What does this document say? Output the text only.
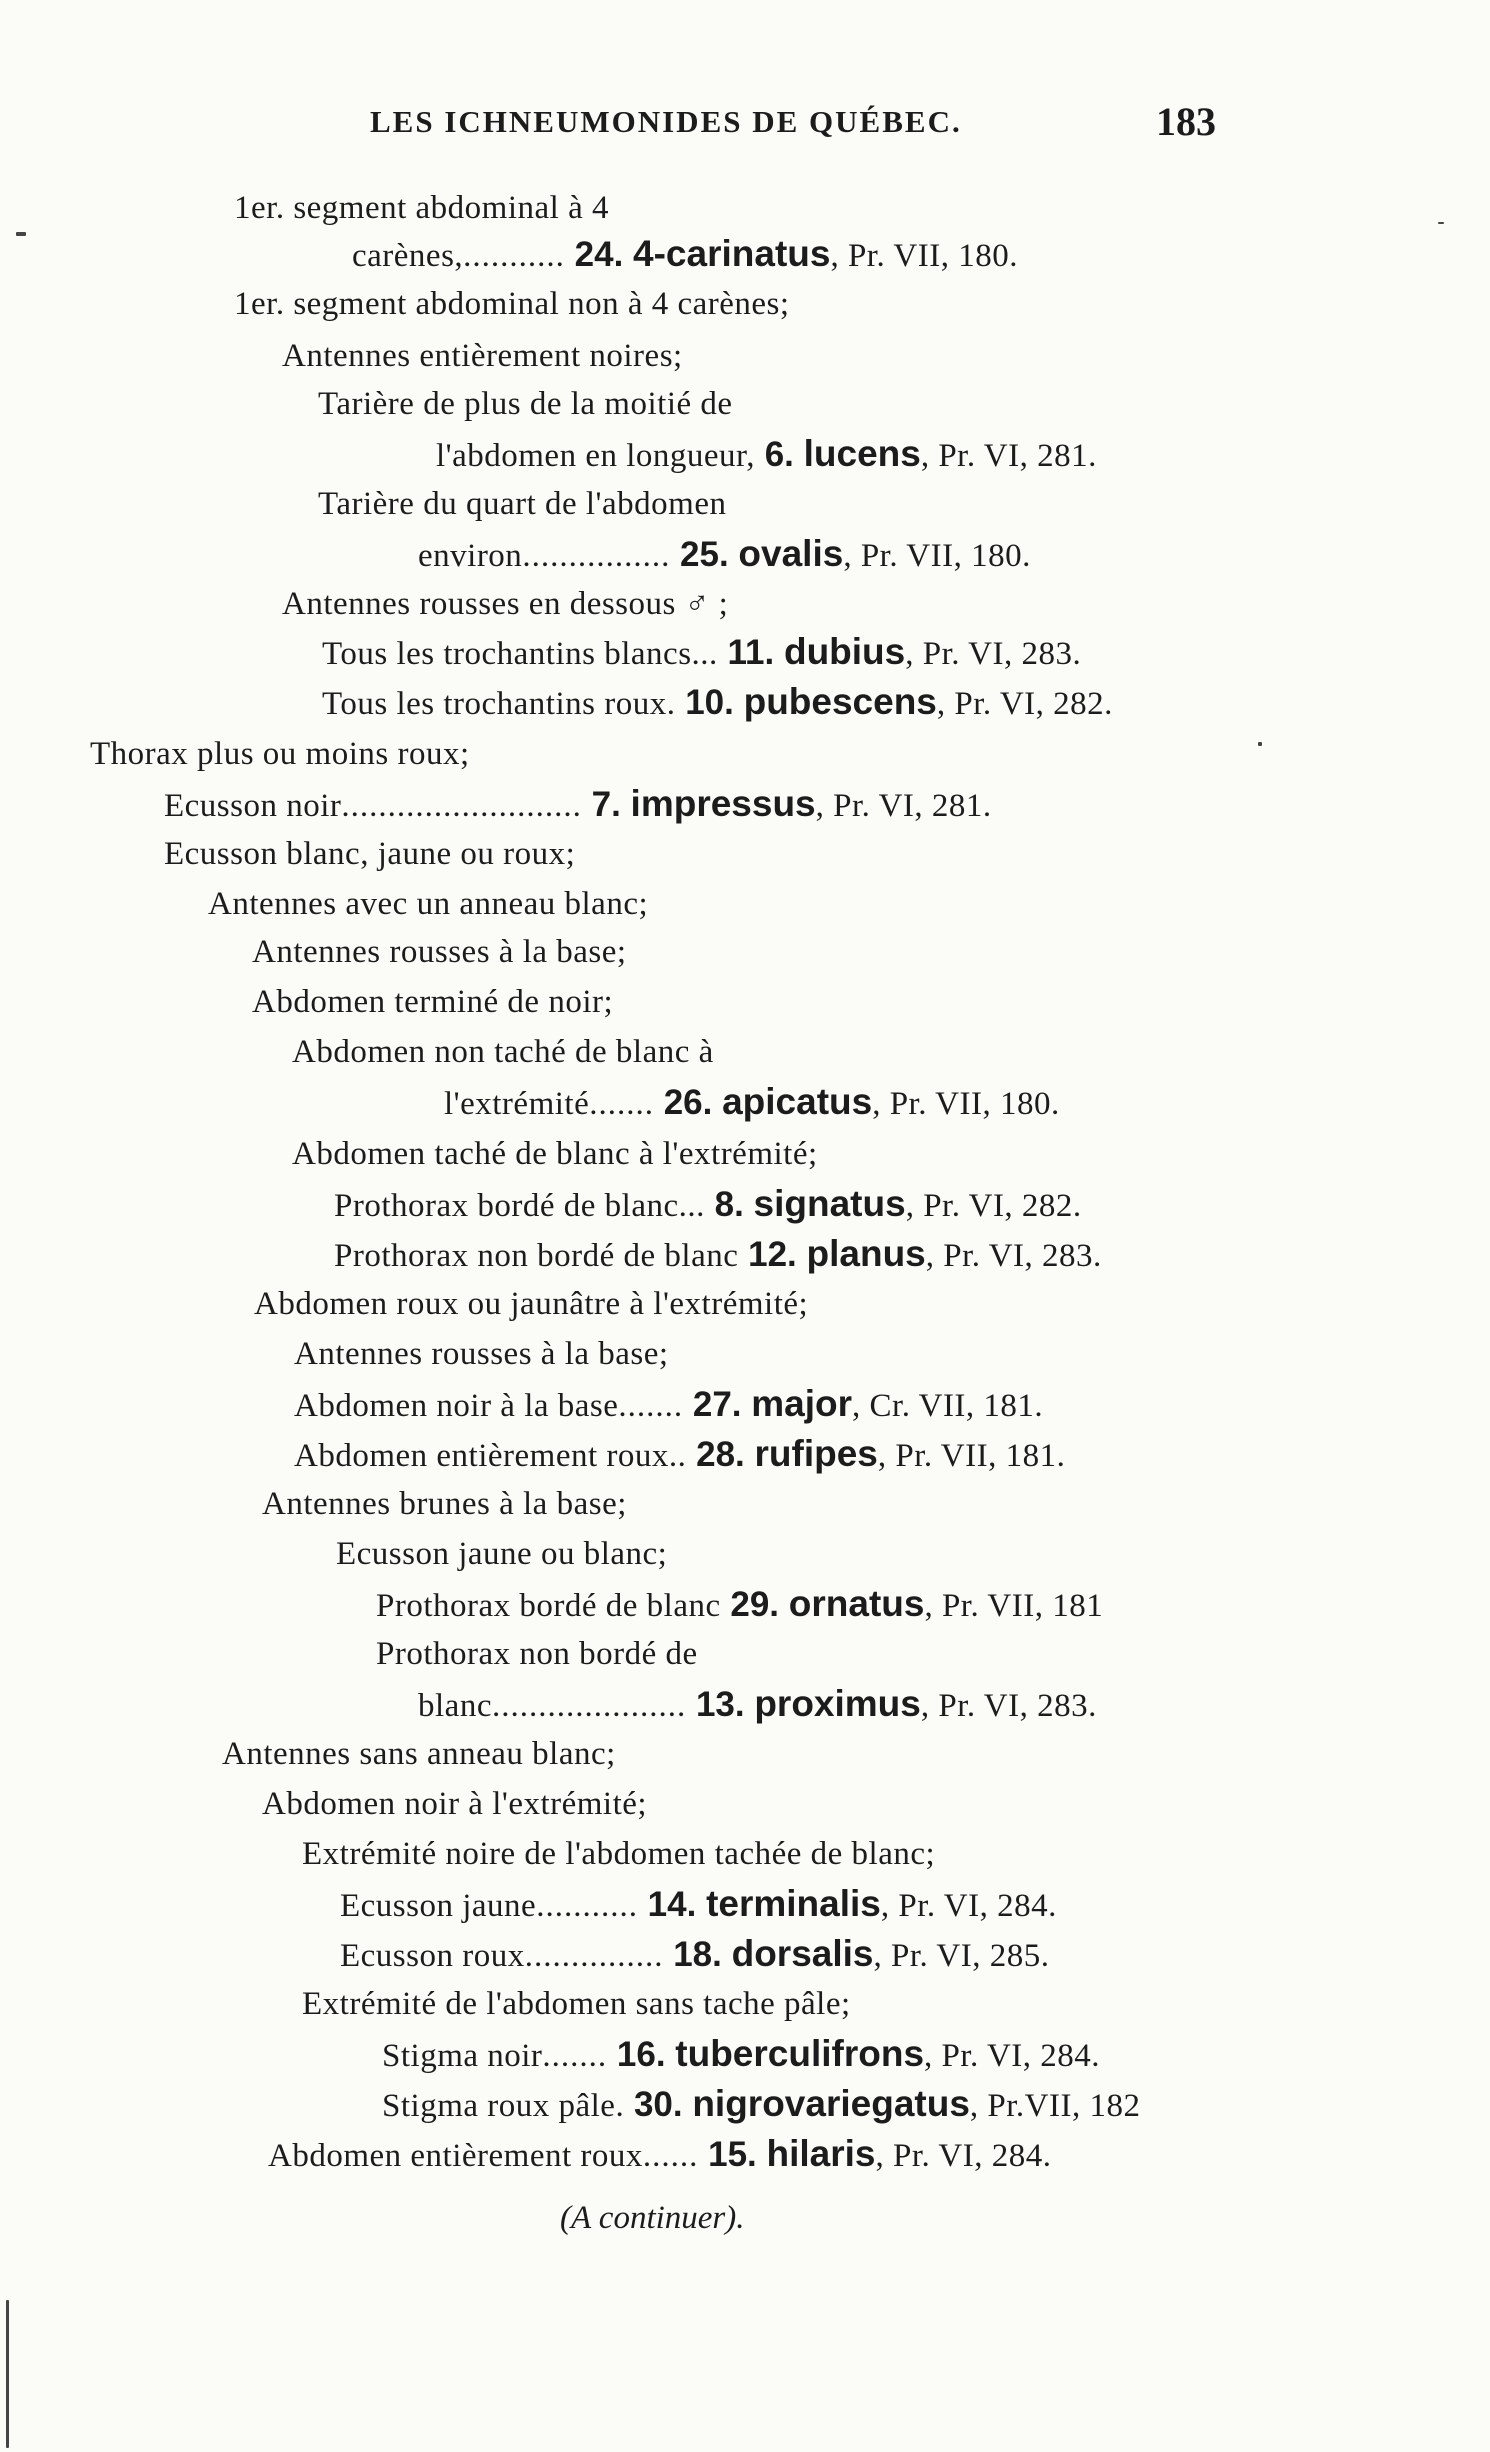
LES ICHNEUMONIDES DE QUÉBEC.	183
1er. segment abdominal à 4
carènes,........... 24. 4-carinatus, Pr. VII, 180.
1er. segment abdominal non à 4 carènes;
Antennes entièrement noires;
Tarière de plus de la moitié de
l'abdomen en longueur, 6. lucens, Pr. VI, 281.
Tarière du quart de l'abdomen
environ................ 25. ovalis, Pr. VII, 180.
Antennes rousses en dessous ♂ ;
Tous les trochantins blancs... 11. dubius, Pr. VI, 283.
Tous les trochantins roux. 10. pubescens, Pr. VI, 282.
Thorax plus ou moins roux;
Ecusson noir.......................... 7. impressus, Pr. VI, 281.
Ecusson blanc, jaune ou roux;
Antennes avec un anneau blanc;
Antennes rousses à la base;
Abdomen terminé de noir;
Abdomen non taché de blanc à
l'extrémité....... 26. apicatus, Pr. VII, 180.
Abdomen taché de blanc à l'extrémité;
Prothorax bordé de blanc... 8. signatus, Pr. VI, 282.
Prothorax non bordé de blanc 12. planus, Pr. VI, 283.
Abdomen roux ou jaunâtre à l'extrémité;
Antennes rousses à la base;
Abdomen noir à la base....... 27. major, Cr. VII, 181.
Abdomen entièrement roux.. 28. rufipes, Pr. VII, 181.
Antennes brunes à la base;
Ecusson jaune ou blanc;
Prothorax bordé de blanc 29. ornatus, Pr. VII, 181
Prothorax non bordé de
blanc..................... 13. proximus, Pr. VI, 283.
Antennes sans anneau blanc;
Abdomen noir à l'extrémité;
Extrémité noire de l'abdomen tachée de blanc;
Ecusson jaune........... 14. terminalis, Pr. VI, 284.
Ecusson roux............... 18. dorsalis, Pr. VI, 285.
Extrémité de l'abdomen sans tache pâle;
Stigma noir....... 16. tuberculifrons, Pr. VI, 284.
Stigma roux pâle. 30. nigrovariegatus, Pr.VII, 182
Abdomen entièrement roux...... 15. hilaris, Pr. VI, 284.
(A continuer).
